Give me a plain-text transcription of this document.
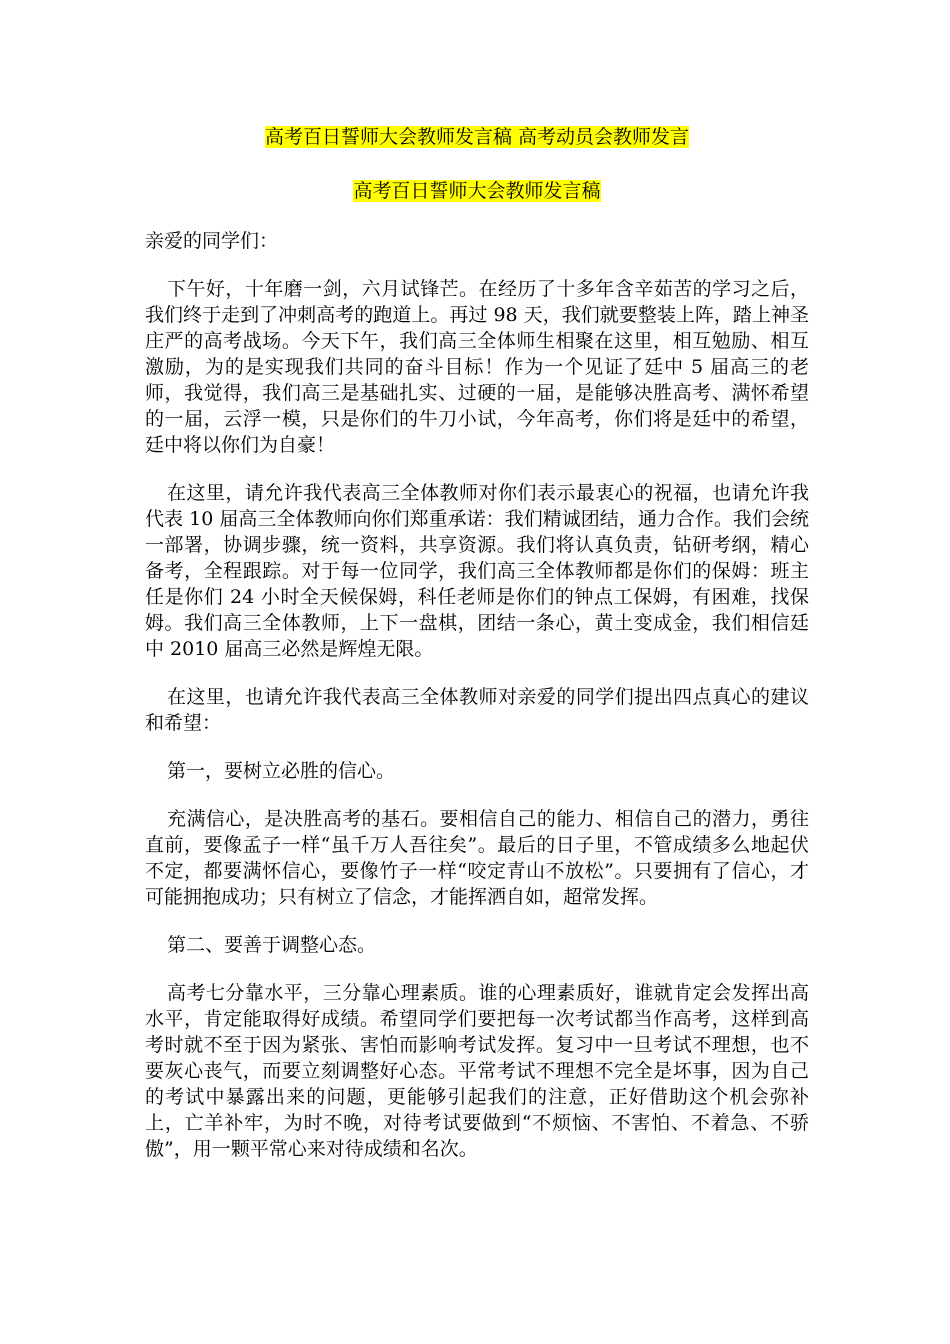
高考百日誓师大会教师发言稿 高考动员会教师发言

高考百日誓师大会教师发言稿

亲爱的同学们：

下午好，十年磨一剑，六月试锋芒。在经历了十多年含辛茹苦的学习之后，我们终于走到了冲刺高考的跑道上。再过 98 天，我们就要整装上阵，踏上神圣庄严的高考战场。今天下午，我们高三全体师生相聚在这里，相互勉励、相互激励，为的是实现我们共同的奋斗目标！作为一个见证了廷中 5 届高三的老师，我觉得，我们高三是基础扎实、过硬的一届，是能够决胜高考、满怀希望的一届，云浮一模，只是你们的牛刀小试，今年高考，你们将是廷中的希望，廷中将以你们为自豪！

在这里，请允许我代表高三全体教师对你们表示最衷心的祝福，也请允许我代表 10 届高三全体教师向你们郑重承诺：我们精诚团结，通力合作。我们会统一部署，协调步骤，统一资料，共享资源。我们将认真负责，钻研考纲，精心备考，全程跟踪。对于每一位同学，我们高三全体教师都是你们的保姆：班主任是你们 24 小时全天候保姆，科任老师是你们的钟点工保姆，有困难，找保姆。我们高三全体教师，上下一盘棋，团结一条心，黄土变成金，我们相信廷中 2010 届高三必然是辉煌无限。

在这里，也请允许我代表高三全体教师对亲爱的同学们提出四点真心的建议和希望：

第一，要树立必胜的信心。

充满信心，是决胜高考的基石。要相信自己的能力、相信自己的潜力，勇往直前，要像孟子一样“虽千万人吾往矣”。最后的日子里，不管成绩多么地起伏不定，都要满怀信心，要像竹子一样“咬定青山不放松”。只要拥有了信心，才可能拥抱成功；只有树立了信念，才能挥洒自如，超常发挥。

第二、要善于调整心态。

高考七分靠水平，三分靠心理素质。谁的心理素质好，谁就肯定会发挥出高水平，肯定能取得好成绩。希望同学们要把每一次考试都当作高考，这样到高考时就不至于因为紧张、害怕而影响考试发挥。复习中一旦考试不理想，也不要灰心丧气，而要立刻调整好心态。平常考试不理想不完全是坏事，因为自己的考试中暴露出来的问题，更能够引起我们的注意，正好借助这个机会弥补上，亡羊补牢，为时不晚，对待考试要做到“不烦恼、不害怕、不着急、不骄傲”，用一颗平常心来对待成绩和名次。
